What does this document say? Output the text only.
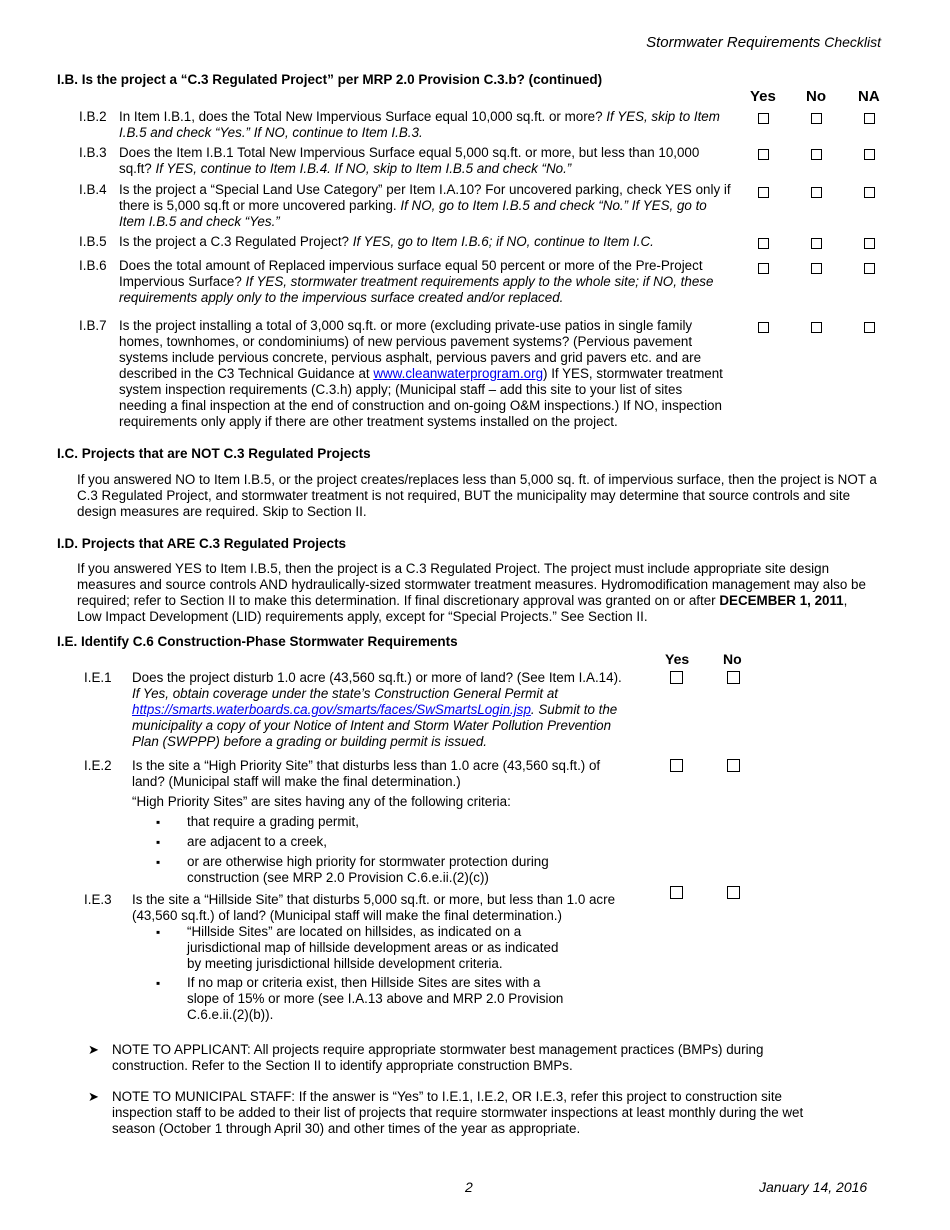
Stormwater Requirements Checklist
I.B. Is the project a “C.3 Regulated Project” per MRP 2.0 Provision C.3.b? (continued)
Yes No NA
I.B.2 In Item I.B.1, does the Total New Impervious Surface equal 10,000 sq.ft. or more? If YES, skip to Item I.B.5 and check “Yes.” If NO, continue to Item I.B.3.
I.B.3 Does the Item I.B.1 Total New Impervious Surface equal 5,000 sq.ft. or more, but less than 10,000 sq.ft? If YES, continue to Item I.B.4. If NO, skip to Item I.B.5 and check “No.”
I.B.4 Is the project a “Special Land Use Category” per Item I.A.10? For uncovered parking, check YES only if there is 5,000 sq.ft or more uncovered parking. If NO, go to Item I.B.5 and check “No.” If YES, go to Item I.B.5 and check “Yes.”
I.B.5 Is the project a C.3 Regulated Project? If YES, go to Item I.B.6; if NO, continue to Item I.C.
I.B.6 Does the total amount of Replaced impervious surface equal 50 percent or more of the Pre-Project Impervious Surface? If YES, stormwater treatment requirements apply to the whole site; if NO, these requirements apply only to the impervious surface created and/or replaced.
I.B.7 Is the project installing a total of 3,000 sq.ft. or more (excluding private-use patios in single family homes, townhomes, or condominiums) of new pervious pavement systems? (Pervious pavement systems include pervious concrete, pervious asphalt, pervious pavers and grid pavers etc. and are described in the C3 Technical Guidance at www.cleanwaterprogram.org) If YES, stormwater treatment system inspection requirements (C.3.h) apply; (Municipal staff – add this site to your list of sites needing a final inspection at the end of construction and on-going O&M inspections.) If NO, inspection requirements only apply if there are other treatment systems installed on the project.
I.C. Projects that are NOT C.3 Regulated Projects
If you answered NO to Item I.B.5, or the project creates/replaces less than 5,000 sq. ft. of impervious surface, then the project is NOT a C.3 Regulated Project, and stormwater treatment is not required, BUT the municipality may determine that source controls and site design measures are required. Skip to Section II.
I.D. Projects that ARE C.3 Regulated Projects
If you answered YES to Item I.B.5, then the project is a C.3 Regulated Project. The project must include appropriate site design measures and source controls AND hydraulically-sized stormwater treatment measures. Hydromodification management may also be required; refer to Section II to make this determination. If final discretionary approval was granted on or after DECEMBER 1, 2011, Low Impact Development (LID) requirements apply, except for “Special Projects.” See Section II.
I.E. Identify C.6 Construction-Phase Stormwater Requirements
Yes No
I.E.1 Does the project disturb 1.0 acre (43,560 sq.ft.) or more of land? (See Item I.A.14). If Yes, obtain coverage under the state’s Construction General Permit at https://smarts.waterboards.ca.gov/smarts/faces/SwSmartsLogin.jsp. Submit to the municipality a copy of your Notice of Intent and Storm Water Pollution Prevention Plan (SWPPP) before a grading or building permit is issued.
I.E.2 Is the site a “High Priority Site” that disturbs less than 1.0 acre (43,560 sq.ft.) of land? (Municipal staff will make the final determination.)
“High Priority Sites” are sites having any of the following criteria:
▪ that require a grading permit,
▪ are adjacent to a creek,
▪ or are otherwise high priority for stormwater protection during construction (see MRP 2.0 Provision C.6.e.ii.(2)(c))
I.E.3 Is the site a “Hillside Site” that disturbs 5,000 sq.ft. or more, but less than 1.0 acre (43,560 sq.ft.) of land? (Municipal staff will make the final determination.)
▪ “Hillside Sites” are located on hillsides, as indicated on a jurisdictional map of hillside development areas or as indicated by meeting jurisdictional hillside development criteria.
▪ If no map or criteria exist, then Hillside Sites are sites with a slope of 15% or more (see I.A.13 above and MRP 2.0 Provision C.6.e.ii.(2)(b)).
➤ NOTE TO APPLICANT: All projects require appropriate stormwater best management practices (BMPs) during construction. Refer to the Section II to identify appropriate construction BMPs.
➤ NOTE TO MUNICIPAL STAFF: If the answer is “Yes” to I.E.1, I.E.2, OR I.E.3, refer this project to construction site inspection staff to be added to their list of projects that require stormwater inspections at least monthly during the wet season (October 1 through April 30) and other times of the year as appropriate.
2	January 14, 2016
